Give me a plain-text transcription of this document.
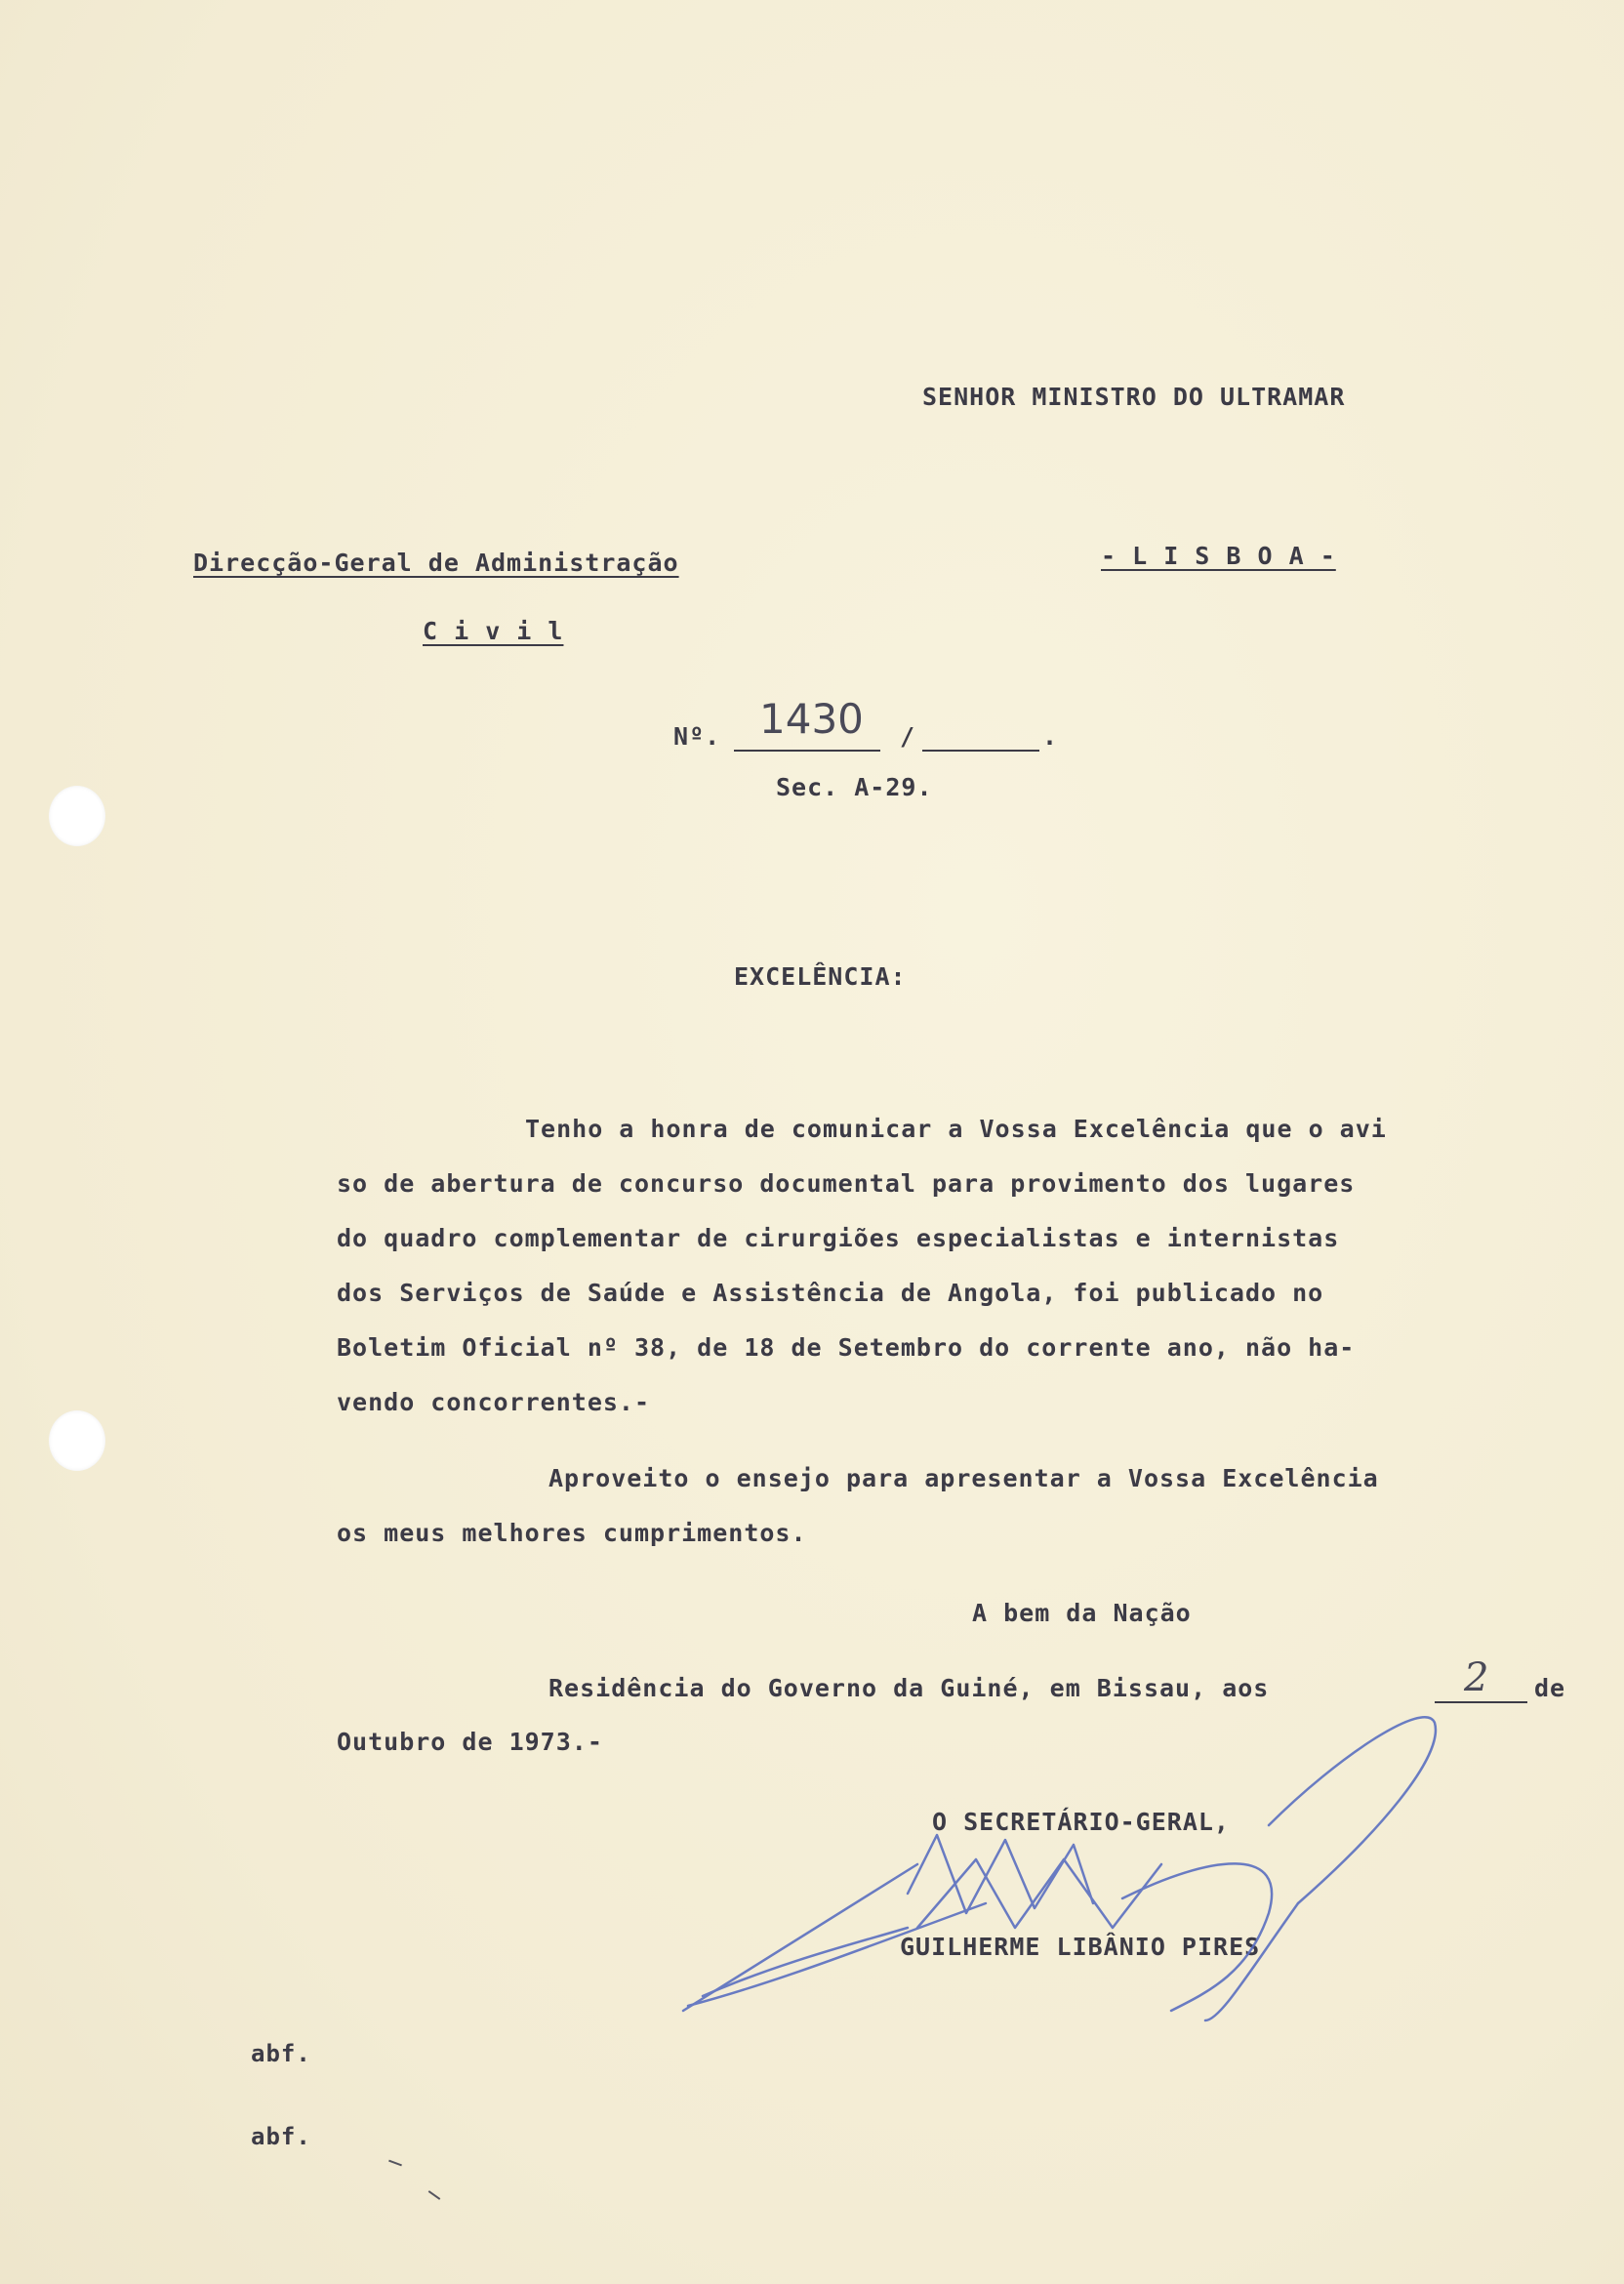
SENHOR MINISTRO DO ULTRAMAR
Direcção-Geral de Administração
C i v i l
- L I S B O A -
Nº. 1430 /	.
Sec. A-29.
EXCELÊNCIA:
Tenho a honra de comunicar a Vossa Excelência que o avi
so de abertura de concurso documental para provimento dos lugares
do quadro complementar de cirurgiões especialistas e internistas
dos Serviços de Saúde e Assistência de Angola, foi publicado no
Boletim Oficial nº 38, de 18 de Setembro do corrente ano, não ha-
vendo concorrentes.-
Aproveito o ensejo para apresentar a Vossa Excelência
os meus melhores cumprimentos.
A bem da Nação
Residência do Governo da Guiné, em Bissau, aos	2 de
Outubro de 1973.-
O SECRETÁRIO-GERAL,
GUILHERME LIBÂNIO PIRES
abf.
abf.
